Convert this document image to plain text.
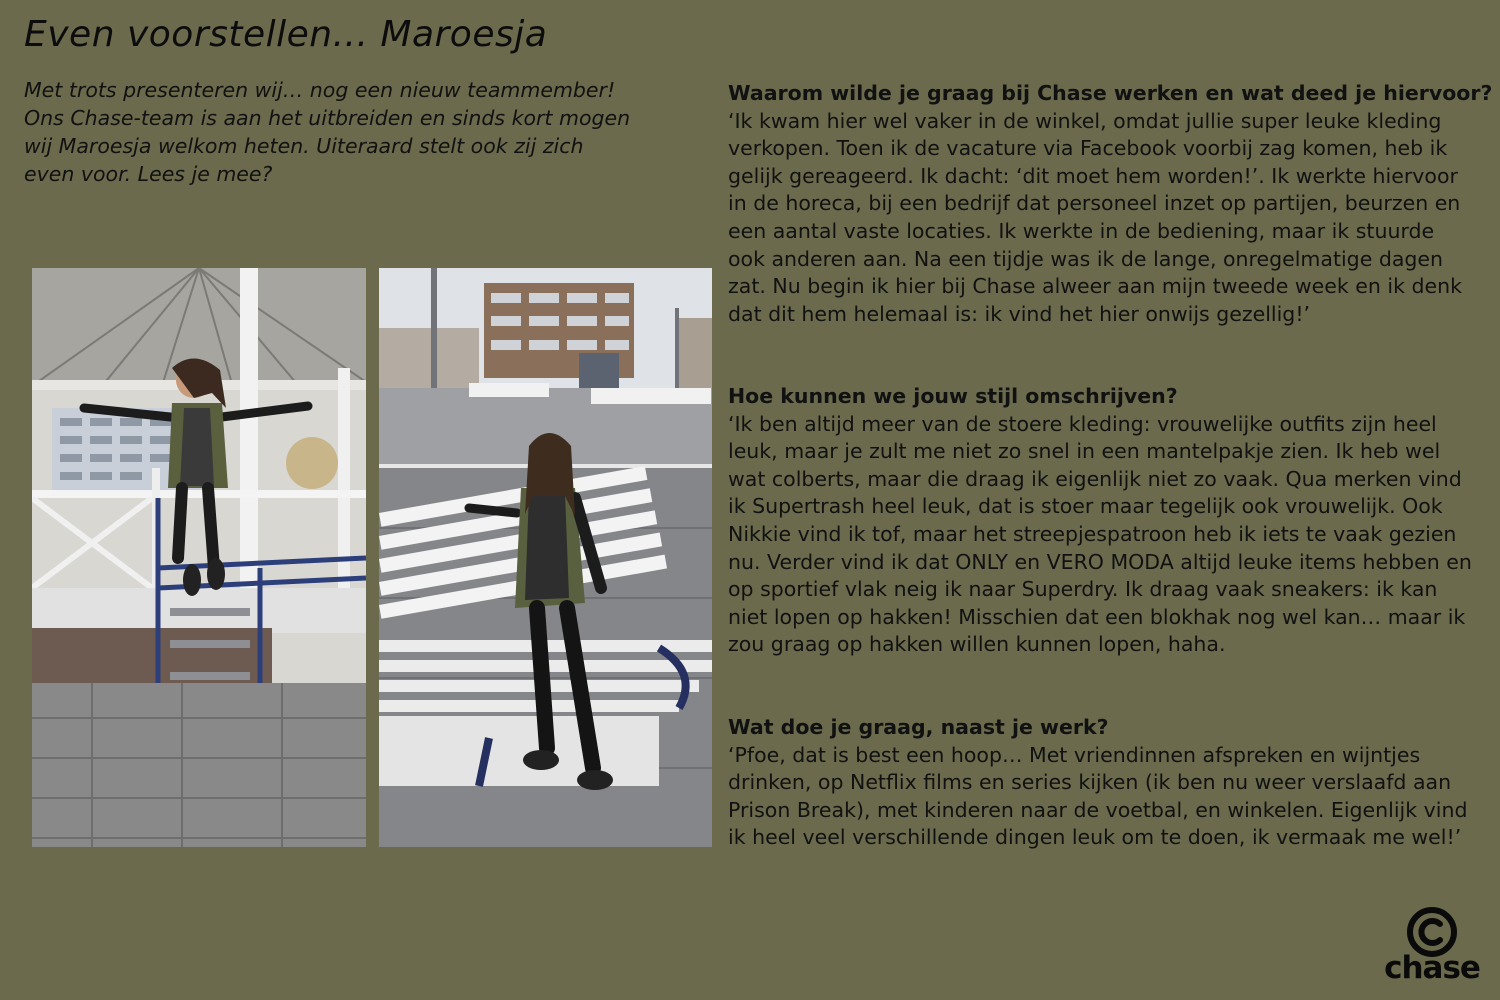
Even voorstellen... Maroesja
Met trots presenteren wij… nog een nieuw teammember!
Ons Chase-team is aan het uitbreiden en sinds kort mogen
wij Maroesja welkom heten. Uiteraard stelt ook zij zich
even voor. Lees je mee?
Waarom wilde je graag bij Chase werken en wat deed je hiervoor?
‘Ik kwam hier wel vaker in de winkel, omdat jullie super leuke kleding
verkopen. Toen ik de vacature via Facebook voorbij zag komen, heb ik
gelijk gereageerd. Ik dacht: ‘dit moet hem worden!’. Ik werkte hiervoor
in de horeca, bij een bedrijf dat personeel inzet op partijen, beurzen en
een aantal vaste locaties. Ik werkte in de bediening, maar ik stuurde
ook anderen aan. Na een tijdje was ik de lange, onregelmatige dagen
zat. Nu begin ik hier bij Chase alweer aan mijn tweede week en ik denk
dat dit hem helemaal is: ik vind het hier onwijs gezellig!’
Hoe kunnen we jouw stijl omschrijven?
‘Ik ben altijd meer van de stoere kleding: vrouwelijke outfits zijn heel
leuk, maar je zult me niet zo snel in een mantelpakje zien. Ik heb wel
wat colberts, maar die draag ik eigenlijk niet zo vaak. Qua merken vind
ik Supertrash heel leuk, dat is stoer maar tegelijk ook vrouwelijk. Ook
Nikkie vind ik tof, maar het streepjespatroon heb ik iets te vaak gezien
nu. Verder vind ik dat ONLY en VERO MODA altijd leuke items hebben en
op sportief vlak neig ik naar Superdry. Ik draag vaak sneakers: ik kan
niet lopen op hakken! Misschien dat een blokhak nog wel kan… maar ik
zou graag op hakken willen kunnen lopen, haha.
Wat doe je graag, naast je werk?
‘Pfoe, dat is best een hoop… Met vriendinnen afspreken en wijntjes
drinken, op Netflix films en series kijken (ik ben nu weer verslaafd aan
Prison Break), met kinderen naar de voetbal, en winkelen. Eigenlijk vind
ik heel veel verschillende dingen leuk om te doen, ik vermaak me wel!’
chase
